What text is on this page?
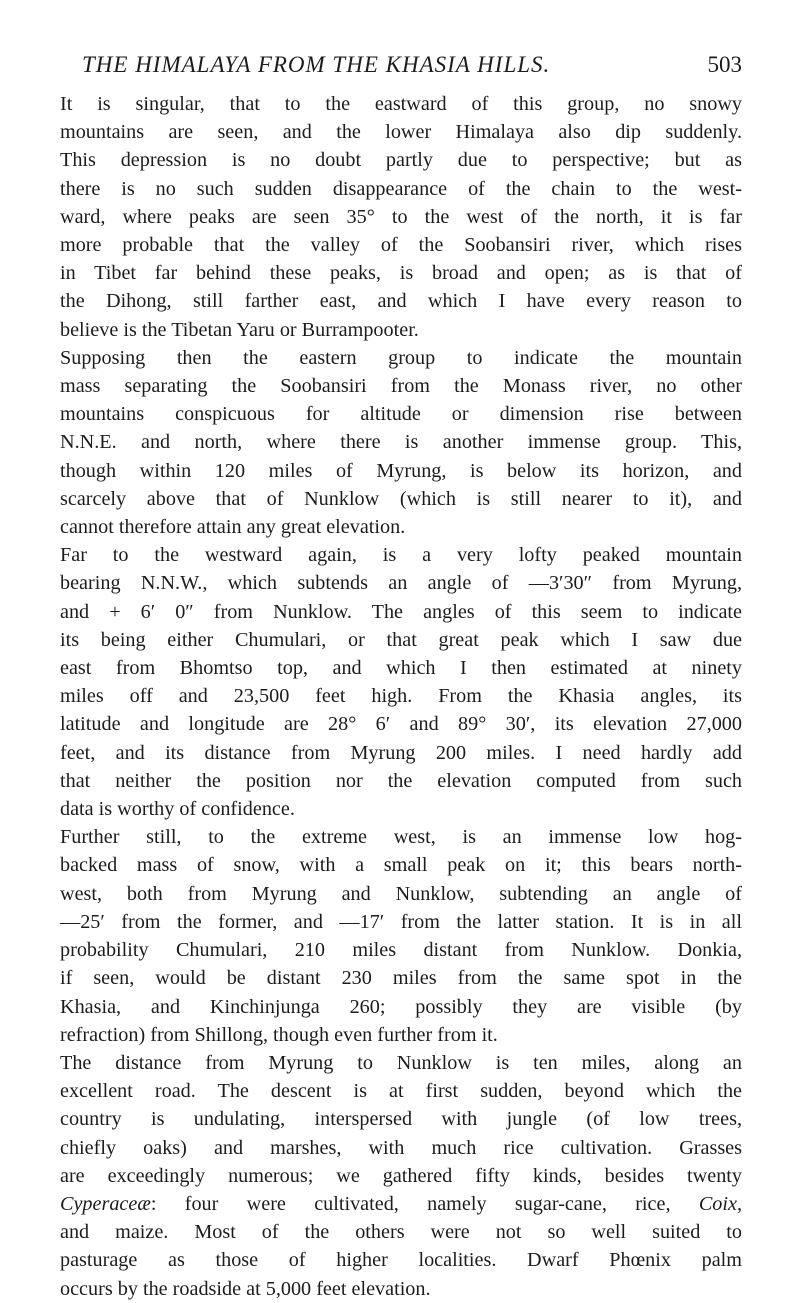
THE HIMALAYA FROM THE KHASIA HILLS.	503

It is singular, that to the eastward of this group, no snowy
mountains are seen, and the lower Himalaya also dip suddenly.
This depression is no doubt partly due to perspective; but as
there is no such sudden disappearance of the chain to the west-
ward, where peaks are seen 35° to the west of the north, it is far
more probable that the valley of the Soobansiri river, which rises
in Tibet far behind these peaks, is broad and open; as is that of
the Dihong, still farther east, and which I have every reason to
believe is the Tibetan Yaru or Burrampooter.

Supposing then the eastern group to indicate the mountain
mass separating the Soobansiri from the Monass river, no other
mountains conspicuous for altitude or dimension rise between
N.N.E. and north, where there is another immense group. This,
though within 120 miles of Myrung, is below its horizon, and
scarcely above that of Nunklow (which is still nearer to it), and
cannot therefore attain any great elevation.

Far to the westward again, is a very lofty peaked mountain
bearing N.N.W., which subtends an angle of —3′30″ from Myrung,
and + 6′ 0″ from Nunklow. The angles of this seem to indicate
its being either Chumulari, or that great peak which I saw due
east from Bhomtso top, and which I then estimated at ninety
miles off and 23,500 feet high. From the Khasia angles, its
latitude and longitude are 28° 6′ and 89° 30′, its elevation 27,000
feet, and its distance from Myrung 200 miles. I need hardly add
that neither the position nor the elevation computed from such
data is worthy of confidence.

Further still, to the extreme west, is an immense low hog-
backed mass of snow, with a small peak on it; this bears north-
west, both from Myrung and Nunklow, subtending an angle of
—25′ from the former, and —17′ from the latter station. It is in all
probability Chumulari, 210 miles distant from Nunklow. Donkia,
if seen, would be distant 230 miles from the same spot in the
Khasia, and Kinchinjunga 260; possibly they are visible (by
refraction) from Shillong, though even further from it.

The distance from Myrung to Nunklow is ten miles, along an
excellent road. The descent is at first sudden, beyond which the
country is undulating, interspersed with jungle (of low trees,
chiefly oaks) and marshes, with much rice cultivation. Grasses
are exceedingly numerous; we gathered fifty kinds, besides twenty
Cyperaceæ: four were cultivated, namely sugar-cane, rice, Coix,
and maize. Most of the others were not so well suited to
pasturage as those of higher localities. Dwarf Phœnix palm
occurs by the roadside at 5,000 feet elevation.
